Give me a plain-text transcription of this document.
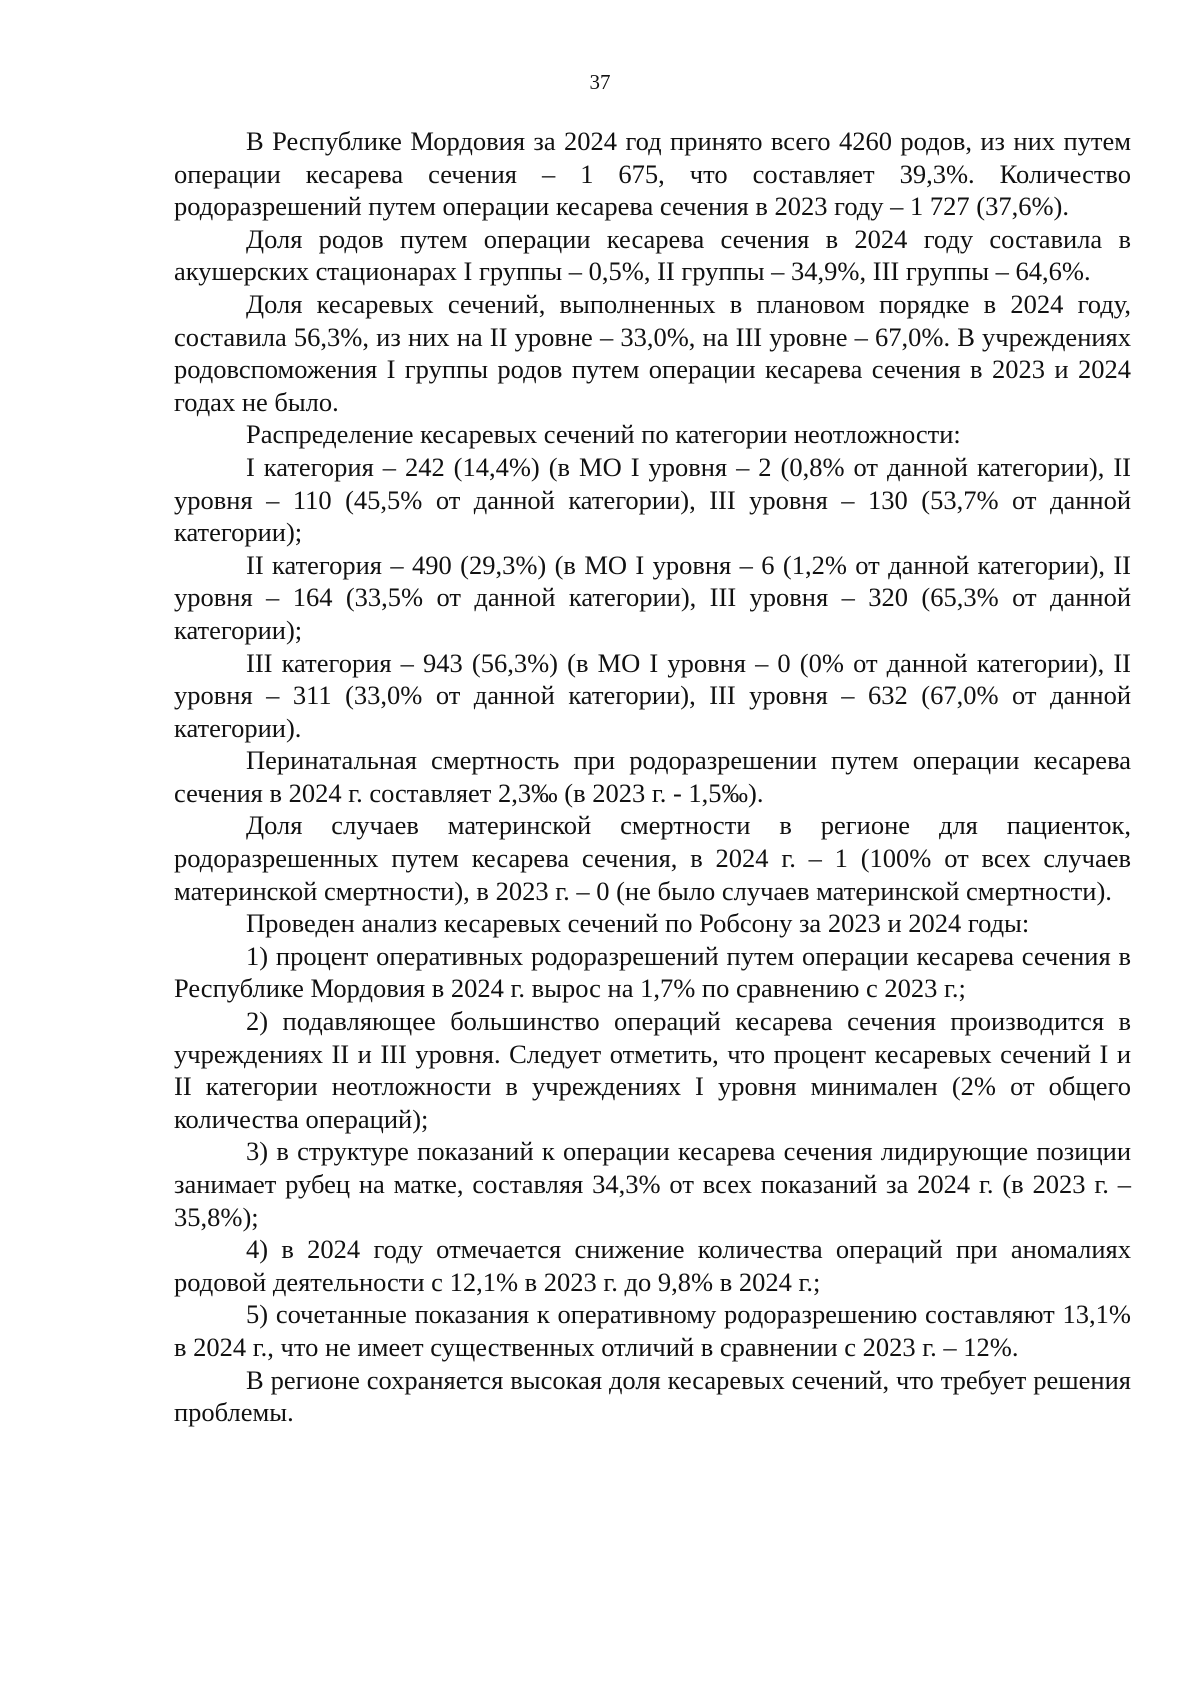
37

В Республике Мордовия за 2024 год принято всего 4260 родов, из них путем операции кесарева сечения – 1 675, что составляет 39,3%. Количество родоразрешений путем операции кесарева сечения в 2023 году – 1 727 (37,6%).

Доля родов путем операции кесарева сечения в 2024 году составила в акушерских стационарах I группы – 0,5%, II группы – 34,9%, III группы – 64,6%.

Доля кесаревых сечений, выполненных в плановом порядке в 2024 году, составила 56,3%, из них на II уровне – 33,0%, на III уровне – 67,0%. В учреждениях родовспоможения I группы родов путем операции кесарева сечения в 2023 и 2024 годах не было.

Распределение кесаревых сечений по категории неотложности:

I категория – 242 (14,4%) (в МО I уровня – 2 (0,8% от данной категории), II уровня – 110 (45,5% от данной категории), III уровня – 130 (53,7% от данной категории);

II категория – 490 (29,3%) (в МО I уровня – 6 (1,2% от данной категории), II уровня – 164 (33,5% от данной категории), III уровня – 320 (65,3% от данной категории);

III категория – 943 (56,3%) (в МО I уровня – 0 (0% от данной категории), II уровня – 311 (33,0% от данной категории), III уровня – 632 (67,0% от данной категории).

Перинатальная смертность при родоразрешении путем операции кесарева сечения в 2024 г. составляет 2,3‰ (в 2023 г. - 1,5‰).

Доля случаев материнской смертности в регионе для пациенток, родоразрешенных путем кесарева сечения, в 2024 г. – 1 (100% от всех случаев материнской смертности), в 2023 г. – 0 (не было случаев материнской смертности).

Проведен анализ кесаревых сечений по Робсону за 2023 и 2024 годы:

1) процент оперативных родоразрешений путем операции кесарева сечения в Республике Мордовия в 2024 г. вырос на 1,7% по сравнению с 2023 г.;

2) подавляющее большинство операций кесарева сечения производится в учреждениях II и III уровня. Следует отметить, что процент кесаревых сечений I и II категории неотложности в учреждениях I уровня минимален (2% от общего количества операций);

3) в структуре показаний к операции кесарева сечения лидирующие позиции занимает рубец на матке, составляя 34,3% от всех показаний за 2024 г. (в 2023 г. – 35,8%);

4) в 2024 году отмечается снижение количества операций при аномалиях родовой деятельности с 12,1% в 2023 г. до 9,8% в 2024 г.;

5) сочетанные показания к оперативному родоразрешению составляют 13,1% в 2024 г., что не имеет существенных отличий в сравнении с 2023 г. – 12%.

В регионе сохраняется высокая доля кесаревых сечений, что требует решения проблемы.
